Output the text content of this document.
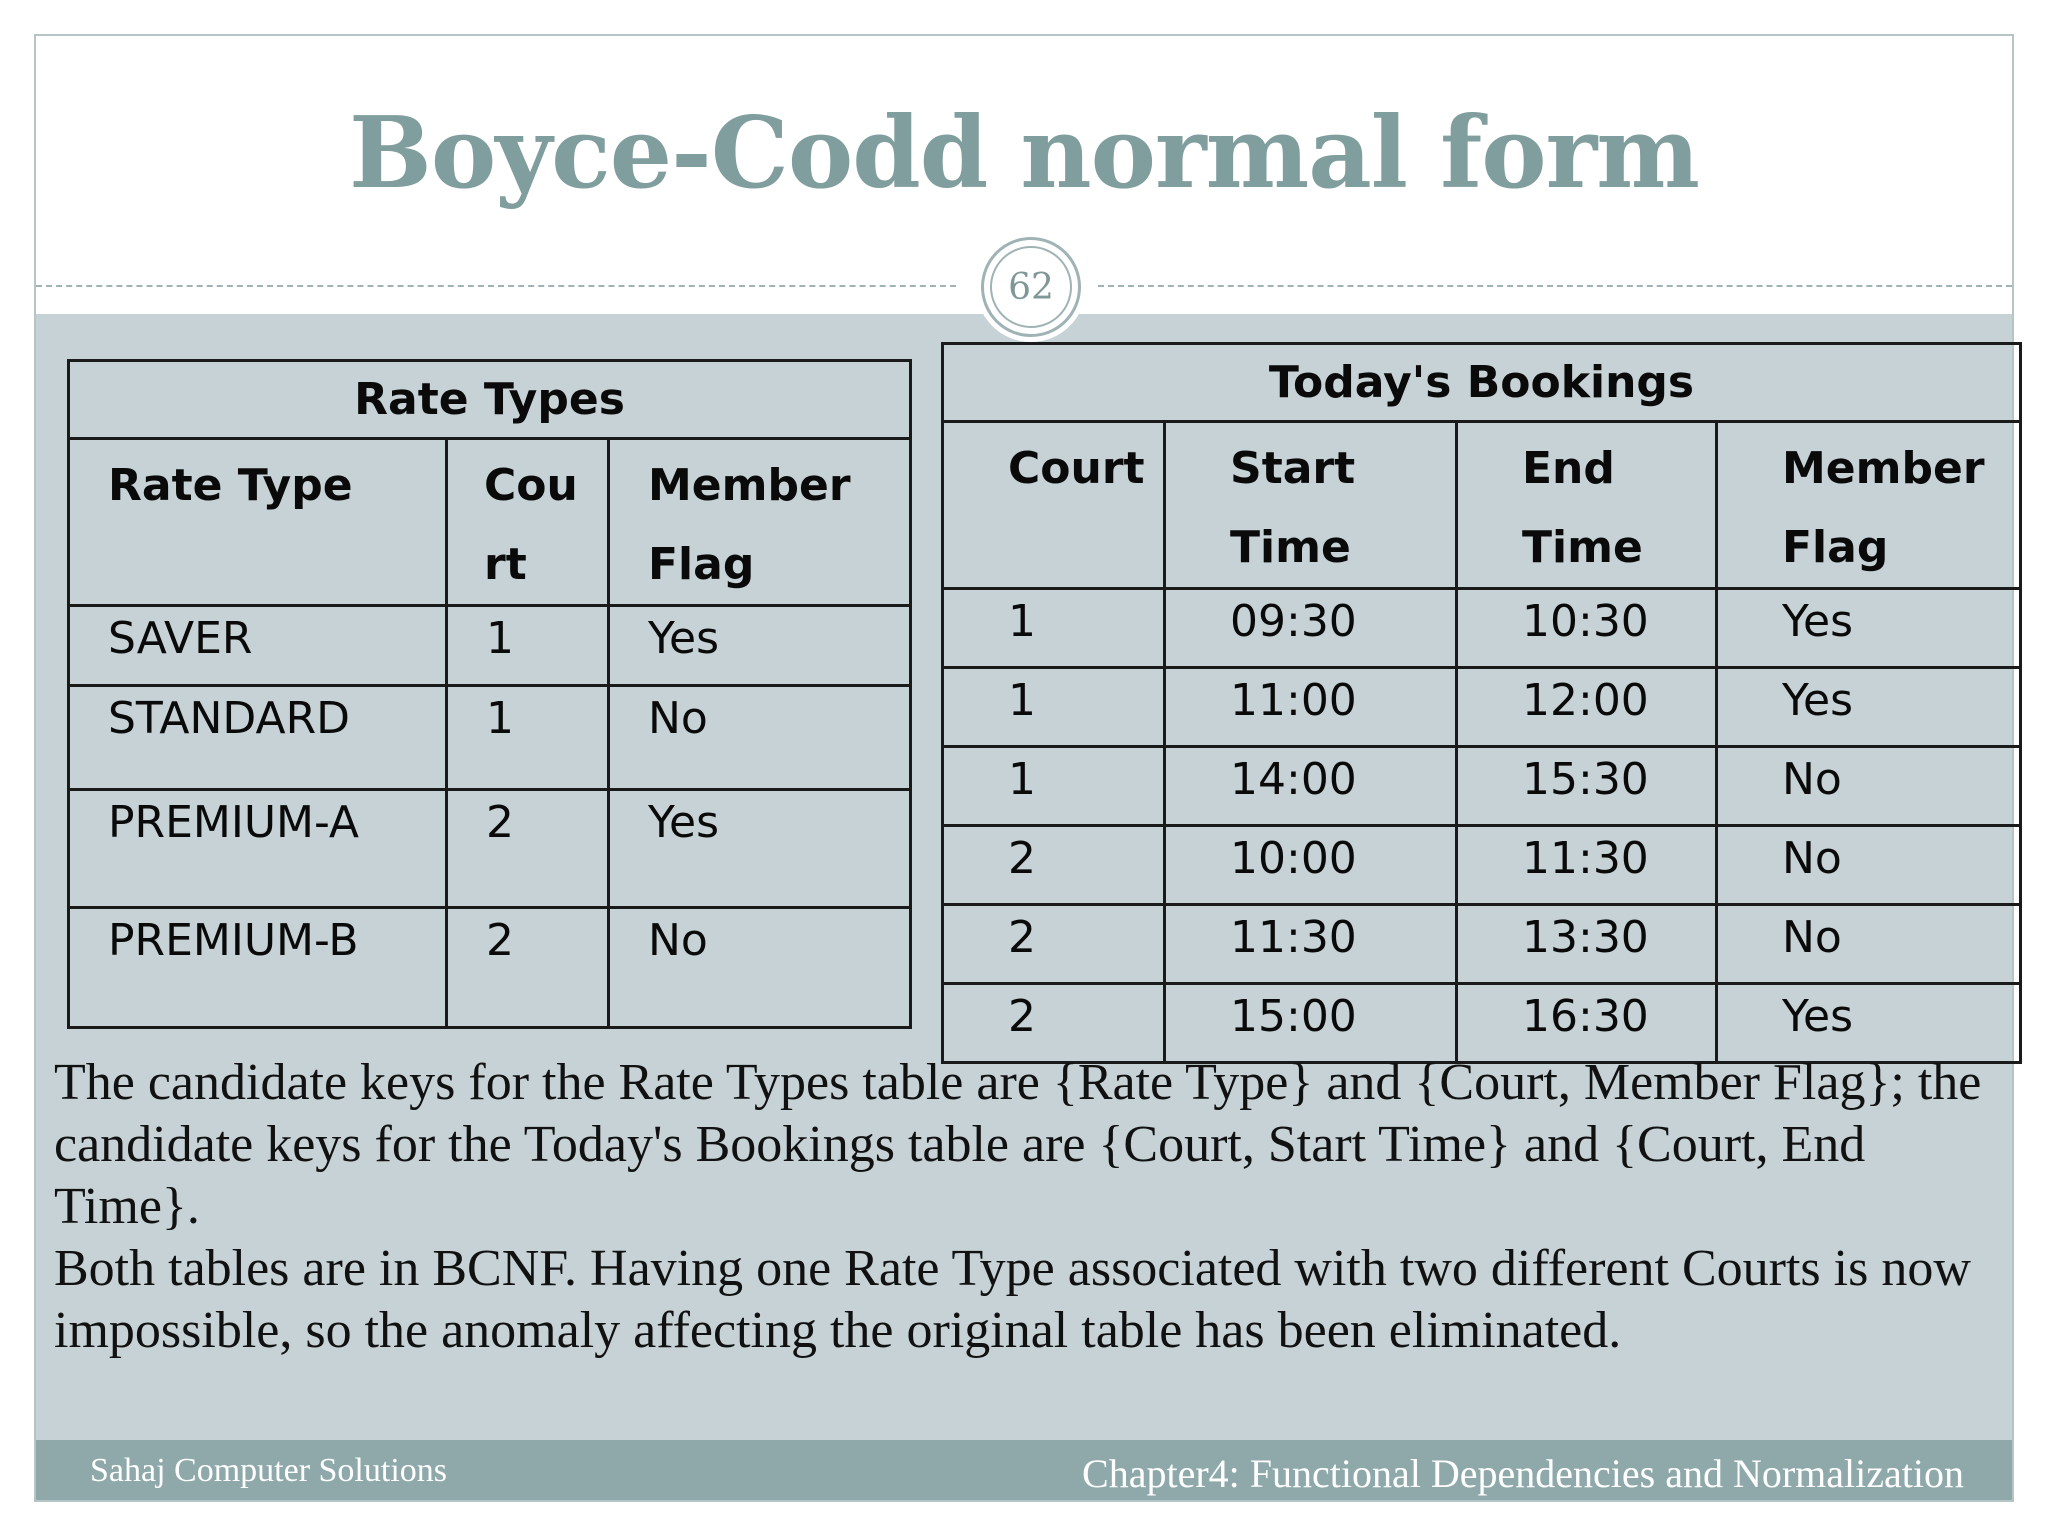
Boyce-Codd normal form
62
Rate Types		
Rate Type	Cou rt	Member Flag
SAVER	1	Yes
STANDARD	1	No
PREMIUM-A	2	Yes
PREMIUM-B	2	No
Today's Bookings			
Court	Start Time	End Time	Member Flag
1	09:30	10:30	Yes
1	11:00	12:00	Yes
1	14:00	15:30	No
2	10:00	11:30	No
2	11:30	13:30	No
2	15:00	16:30	Yes

The candidate keys for the Rate Types table are {Rate Type} and {Court, Member Flag}; the candidate keys for the Today's Bookings table are {Court, Start Time} and {Court, End Time}.

Both tables are in BCNF. Having one Rate Type associated with two different Courts is now impossible, so the anomaly affecting the original table has been eliminated.

Sahaj Computer Solutions	Chapter4: Functional Dependencies and Normalization
